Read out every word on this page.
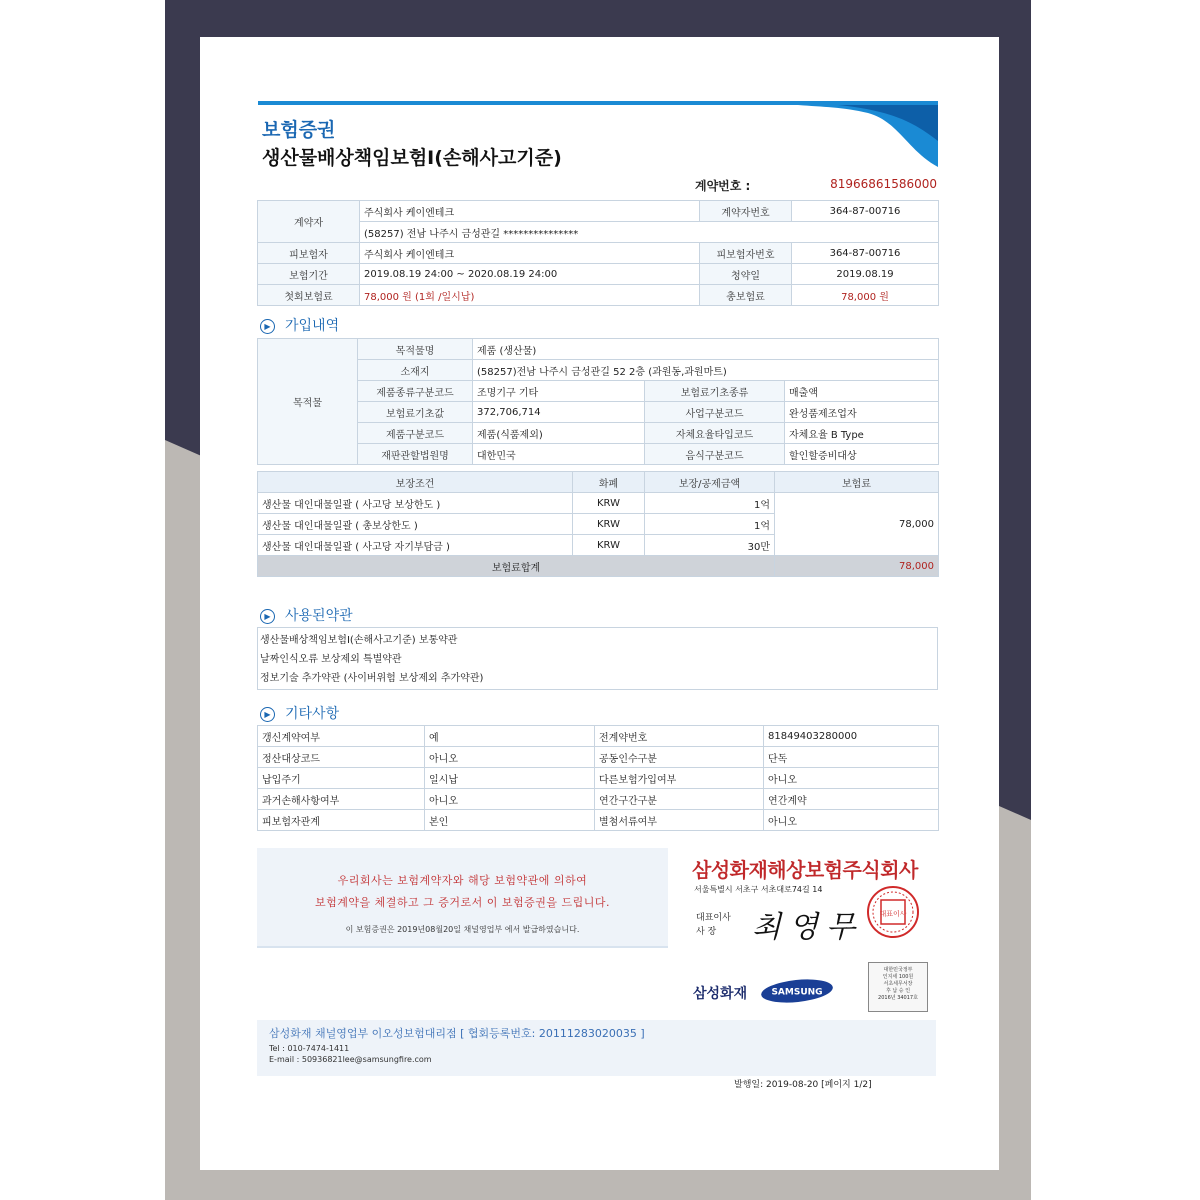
보험증권
생산물배상책임보험Ⅰ(손해사고기준)
계약번호 :	81966861586000
계약자	주식회사 케이엔테크	계약자번호	364-87-00716
	(58257) 전남 나주시 금성관길 ***************		
피보험자	주식회사 케이엔테크	피보험자번호	364-87-00716
보험기간	2019.08.19 24:00 ~ 2020.08.19 24:00	청약일	2019.08.19
첫회보험료	78,000 원 (1회 /일시납)	총보험료	78,000 원
▶ 가입내역
목적물	목적물명	제품 (생산물)		
	소재지	(58257)전남 나주시 금성관길 52 2층 (과원동,과원마트)		
	제품종류구분코드	조명기구 기타	보험료기초종류	매출액
	보험료기초값	372,706,714	사업구분코드	완성품제조업자
	제품구분코드	제품(식품제외)	자체요율타입코드	자체요율 B Type
	재판관할법원명	대한민국	음식구분코드	할인할증비대상
보장조건	화폐	보장/공제금액	보험료
생산물 대인대물일괄 ( 사고당 보상한도 )	KRW	1억	78,000
생산물 대인대물일괄 ( 총보상한도 )	KRW	1억	
생산물 대인대물일괄 ( 사고당 자기부담금 )	KRW	30만	
보험료합계			78,000
▶ 사용된약관
생산물배상책임보험Ⅰ(손해사고기준) 보통약관
날짜인식오류 보상제외 특별약관
정보기술 추가약관 (사이버위험 보상제외 추가약관)
▶ 기타사항
갱신계약여부	예	전계약번호	81849403280000
정산대상코드	아니오	공동인수구분	단독
납입주기	일시납	다른보험가입여부	아니오
과거손해사항여부	아니오	연간구간구분	연간계약
피보험자관계	본인	별첨서류여부	아니오
우리회사는 보험계약자와 해당 보험약관에 의하여
보험계약을 체결하고 그 증거로서 이 보험증권을 드립니다.
이 보험증권은 2019년08월20일 채널영업부 에서 발급하였습니다.
삼성화재해상보험주식회사
서울특별시 서초구 서초대로74길 14
대표이사
사 장	최영무 대표이사
삼성화재	SAMSUNG
대한민국정부
인지세 100원
서초세무서장
후 납 승 인
2016년 34017호
삼성화재 채널영업부 이오성보험대리점 [ 협회등록번호: 20111283020035 ]
Tel : 010-7474-1411
E-mail : 50936821lee@samsungfire.com
발행일: 2019-08-20 [페이지 1/2]
